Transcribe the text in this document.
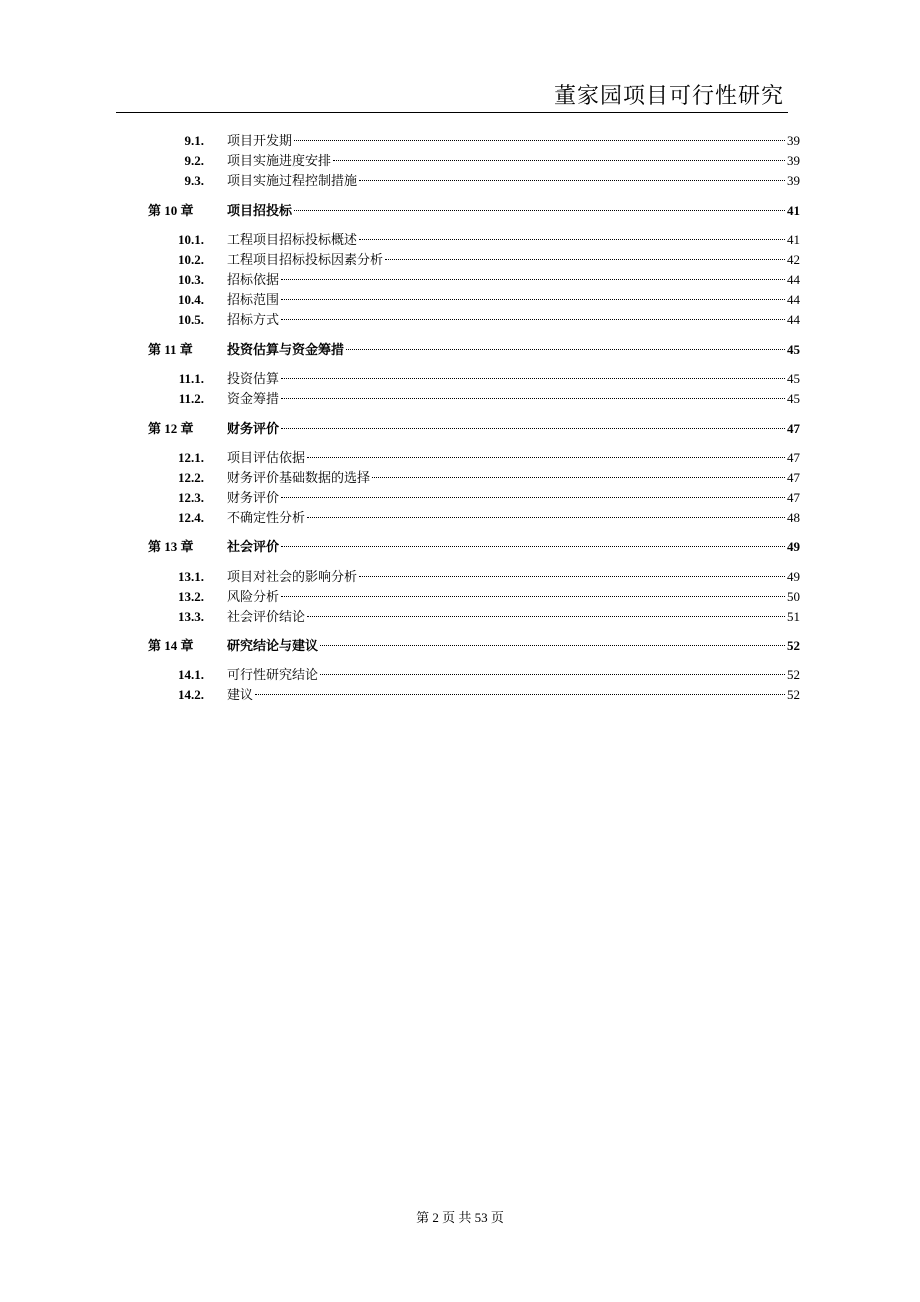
董家园项目可行性研究
9.1. 项目开发期	39
9.2. 项目实施进度安排	39
9.3. 项目实施过程控制措施	39
第 10 章	项目招投标	41
10.1. 工程项目招标投标概述	41
10.2. 工程项目招标投标因素分析	42
10.3. 招标依据	44
10.4. 招标范围	44
10.5. 招标方式	44
第 11 章	投资估算与资金筹措	45
11.1. 投资估算	45
11.2. 资金筹措	45
第 12 章	财务评价	47
12.1. 项目评估依据	47
12.2. 财务评价基础数据的选择	47
12.3. 财务评价	47
12.4. 不确定性分析	48
第 13 章	社会评价	49
13.1. 项目对社会的影响分析	49
13.2. 风险分析	50
13.3. 社会评价结论	51
第 14 章	研究结论与建议	52
14.1. 可行性研究结论	52
14.2. 建议	52
第 2 页 共 53 页
